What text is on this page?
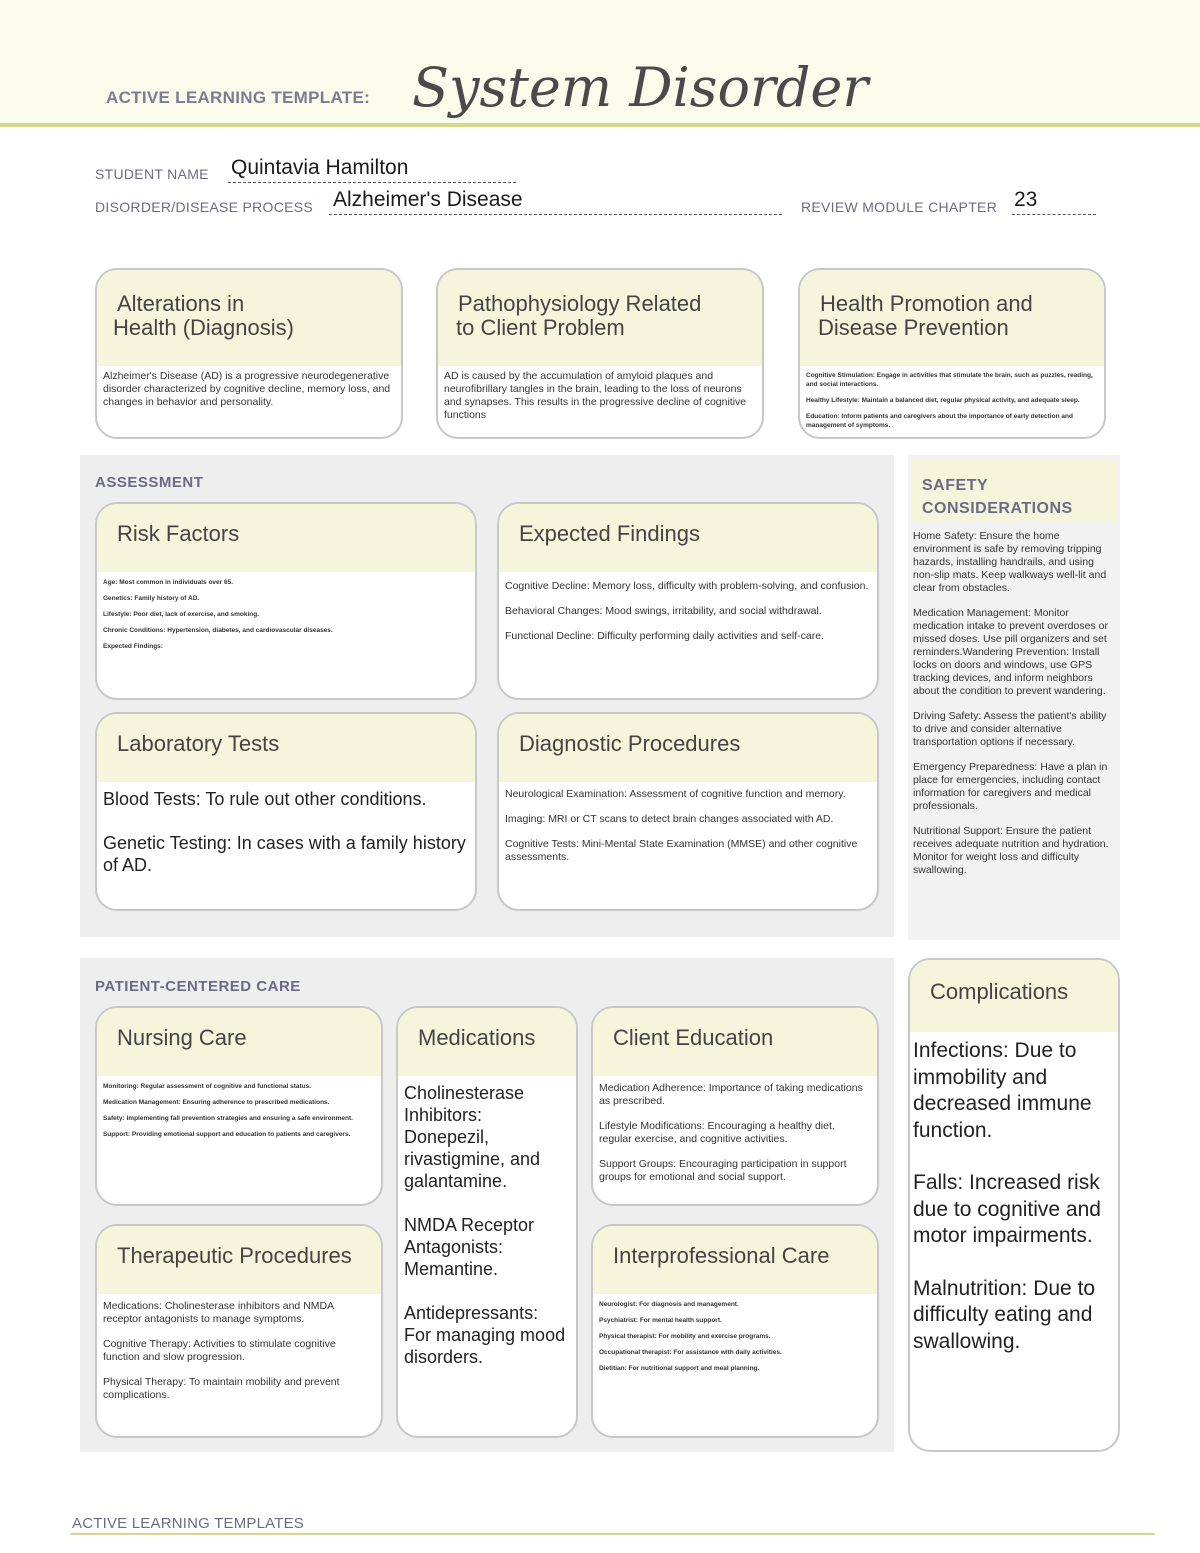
ACTIVE LEARNING TEMPLATE: System Disorder
STUDENT NAME Quintavia Hamilton
DISORDER/DISEASE PROCESS Alzheimer's Disease	REVIEW MODULE CHAPTER 23
Alterations in
Health (Diagnosis)
Alzheimer's Disease (AD) is a progressive neurodegenerative disorder characterized by cognitive decline, memory loss, and changes in behavior and personality.
Pathophysiology Related
to Client Problem
AD is caused by the accumulation of amyloid plaques and neurofibrillary tangles in the brain, leading to the loss of neurons and synapses. This results in the progressive decline of cognitive functions
Health Promotion and
Disease Prevention
Cognitive Stimulation: Engage in activities that stimulate the brain, such as puzzles, reading, and social interactions.
Healthy Lifestyle: Maintain a balanced diet, regular physical activity, and adequate sleep.
Education: Inform patients and caregivers about the importance of early detection and management of symptoms.
ASSESSMENT
Risk Factors
Age: Most common in individuals over 65.
Genetics: Family history of AD.
Lifestyle: Poor diet, lack of exercise, and smoking.
Chronic Conditions: Hypertension, diabetes, and cardiovascular diseases.
Expected Findings:
Expected Findings
Cognitive Decline: Memory loss, difficulty with problem-solving, and confusion.
Behavioral Changes: Mood swings, irritability, and social withdrawal.
Functional Decline: Difficulty performing daily activities and self-care.
Laboratory Tests
Blood Tests: To rule out other conditions.
Genetic Testing: In cases with a family history of AD.
Diagnostic Procedures
Neurological Examination: Assessment of cognitive function and memory.
Imaging: MRI or CT scans to detect brain changes associated with AD.
Cognitive Tests: Mini-Mental State Examination (MMSE) and other cognitive assessments.
SAFETY
CONSIDERATIONS
Home Safety: Ensure the home environment is safe by removing tripping hazards, installing handrails, and using non-slip mats. Keep walkways well-lit and clear from obstacles.
Medication Management: Monitor medication intake to prevent overdoses or missed doses. Use pill organizers and set reminders.Wandering Prevention: Install locks on doors and windows, use GPS tracking devices, and inform neighbors about the condition to prevent wandering.
Driving Safety: Assess the patient's ability to drive and consider alternative transportation options if necessary.
Emergency Preparedness: Have a plan in place for emergencies, including contact information for caregivers and medical professionals.
Nutritional Support: Ensure the patient receives adequate nutrition and hydration. Monitor for weight loss and difficulty swallowing.
PATIENT-CENTERED CARE
Nursing Care
Monitoring: Regular assessment of cognitive and functional status.
Medication Management: Ensuring adherence to prescribed medications.
Safety: Implementing fall prevention strategies and ensuring a safe environment.
Support: Providing emotional support and education to patients and caregivers.
Medications
Cholinesterase Inhibitors: Donepezil, rivastigmine, and galantamine.
NMDA Receptor Antagonists: Memantine.
Antidepressants: For managing mood disorders.
Client Education
Medication Adherence: Importance of taking medications as prescribed.
Lifestyle Modifications: Encouraging a healthy diet, regular exercise, and cognitive activities.
Support Groups: Encouraging participation in support groups for emotional and social support.
Therapeutic Procedures
Medications: Cholinesterase inhibitors and NMDA receptor antagonists to manage symptoms.
Cognitive Therapy: Activities to stimulate cognitive function and slow progression.
Physical Therapy: To maintain mobility and prevent complications.
Interprofessional Care
Neurologist: For diagnosis and management.
Psychiatrist: For mental health support.
Physical therapist: For mobility and exercise programs.
Occupational therapist: For assistance with daily activities.
Dietitian: For nutritional support and meal planning.
Complications
Infections: Due to immobility and decreased immune function.
Falls: Increased risk due to cognitive and motor impairments.
Malnutrition: Due to difficulty eating and swallowing.
ACTIVE LEARNING TEMPLATES
